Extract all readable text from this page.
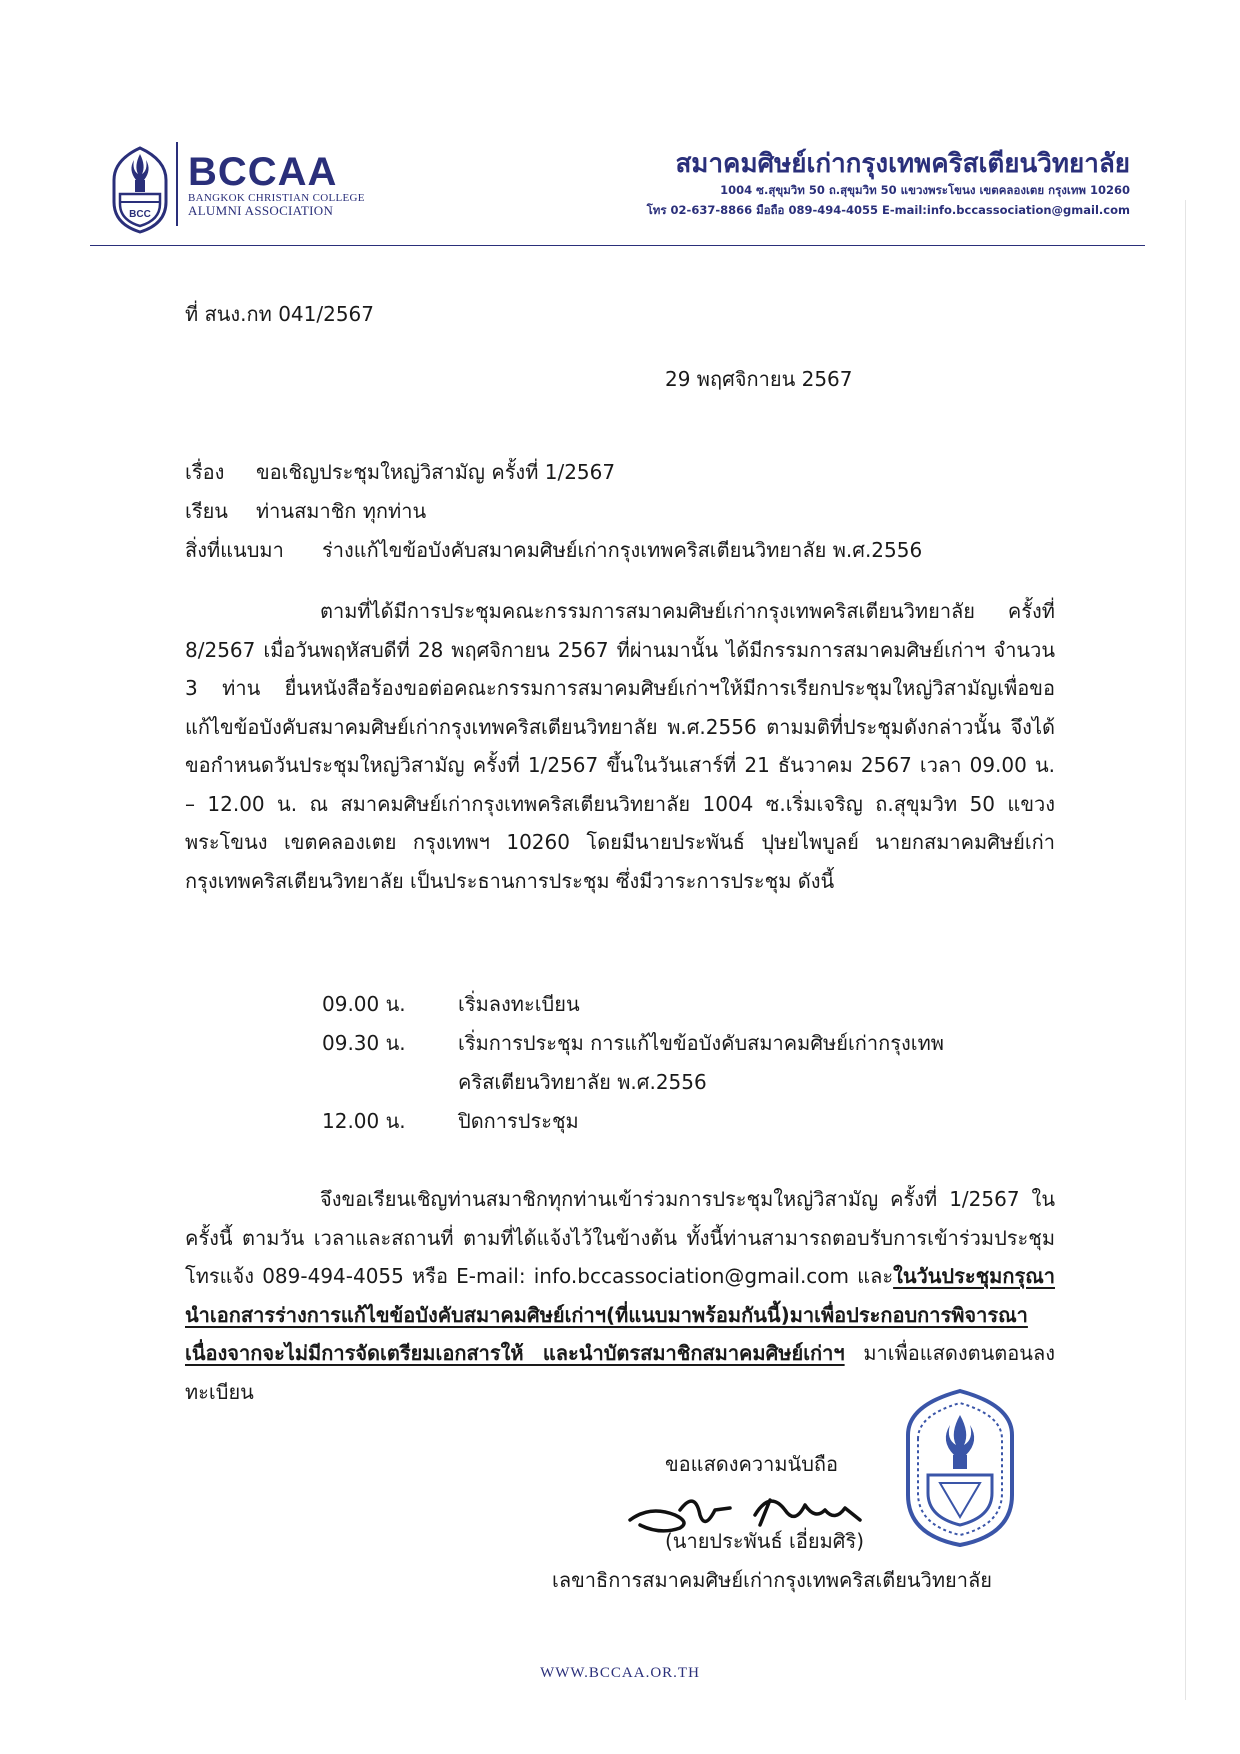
BCC
BCCAA
BANGKOK CHRISTIAN COLLEGE
ALUMNI ASSOCIATION
สมาคมศิษย์เก่ากรุงเทพคริสเตียนวิทยาลัย
1004 ซ.สุขุมวิท 50 ถ.สุขุมวิท 50 แขวงพระโขนง เขตคลองเตย กรุงเทพ 10260
โทร 02-637-8866 มือถือ 089-494-4055 E-mail:info.bccassociation@gmail.com
ที่ สนง.กท 041/2567
29 พฤศจิกายน 2567
เรื่อง ขอเชิญประชุมใหญ่วิสามัญ ครั้งที่ 1/2567
เรียน ท่านสมาชิก ทุกท่าน
สิ่งที่แนบมา ร่างแก้ไขข้อบังคับสมาคมศิษย์เก่ากรุงเทพคริสเตียนวิทยาลัย พ.ศ.2556

ตามที่ได้มีการประชุมคณะกรรมการสมาคมศิษย์เก่ากรุงเทพคริสเตียนวิทยาลัย ครั้งที่ 8/2567 เมื่อวันพฤหัสบดีที่ 28 พฤศจิกายน 2567 ที่ผ่านมานั้น ได้มีกรรมการสมาคมศิษย์เก่าฯ จำนวน 3 ท่าน ยื่นหนังสือร้องขอต่อคณะกรรมการสมาคมศิษย์เก่าฯให้มีการเรียกประชุมใหญ่วิสามัญเพื่อขอแก้ไขข้อบังคับสมาคมศิษย์เก่ากรุงเทพคริสเตียนวิทยาลัย พ.ศ.2556 ตามมติที่ประชุมดังกล่าวนั้น จึงได้ขอกำหนดวันประชุมใหญ่วิสามัญ ครั้งที่ 1/2567 ขึ้นในวันเสาร์ที่ 21 ธันวาคม 2567 เวลา 09.00 น. – 12.00 น. ณ สมาคมศิษย์เก่ากรุงเทพคริสเตียนวิทยาลัย 1004 ซ.เริ่มเจริญ ถ.สุขุมวิท 50 แขวงพระโขนง เขตคลองเตย กรุงเทพฯ 10260 โดยมีนายประพันธ์ ปุษยไพบูลย์ นายกสมาคมศิษย์เก่ากรุงเทพคริสเตียนวิทยาลัย เป็นประธานการประชุม ซึ่งมีวาระการประชุม ดังนี้

09.00 น.	เริ่มลงทะเบียน
09.30 น.	เริ่มการประชุม การแก้ไขข้อบังคับสมาคมศิษย์เก่ากรุงเทพ
คริสเตียนวิทยาลัย พ.ศ.2556
12.00 น.	ปิดการประชุม

จึงขอเรียนเชิญท่านสมาชิกทุกท่านเข้าร่วมการประชุมใหญ่วิสามัญ ครั้งที่ 1/2567 ในครั้งนี้ ตามวัน เวลาและสถานที่ ตามที่ได้แจ้งไว้ในข้างต้น ทั้งนี้ท่านสามารถตอบรับการเข้าร่วมประชุมโทรแจ้ง 089-494-4055 หรือ E-mail: info.bccassociation@gmail.com และในวันประชุมกรุณานำเอกสารร่างการแก้ไขข้อบังคับสมาคมศิษย์เก่าฯ(ที่แนบมาพร้อมกันนี้)มาเพื่อประกอบการพิจารณาเนื่องจากจะไม่มีการจัดเตรียมเอกสารให้ และนำบัตรสมาชิกสมาคมศิษย์เก่าฯ มาเพื่อแสดงตนตอนลงทะเบียน

ขอแสดงความนับถือ
(นายประพันธ์ เอี่ยมศิริ)
เลขาธิการสมาคมศิษย์เก่ากรุงเทพคริสเตียนวิทยาลัย
WWW.BCCAA.OR.TH
